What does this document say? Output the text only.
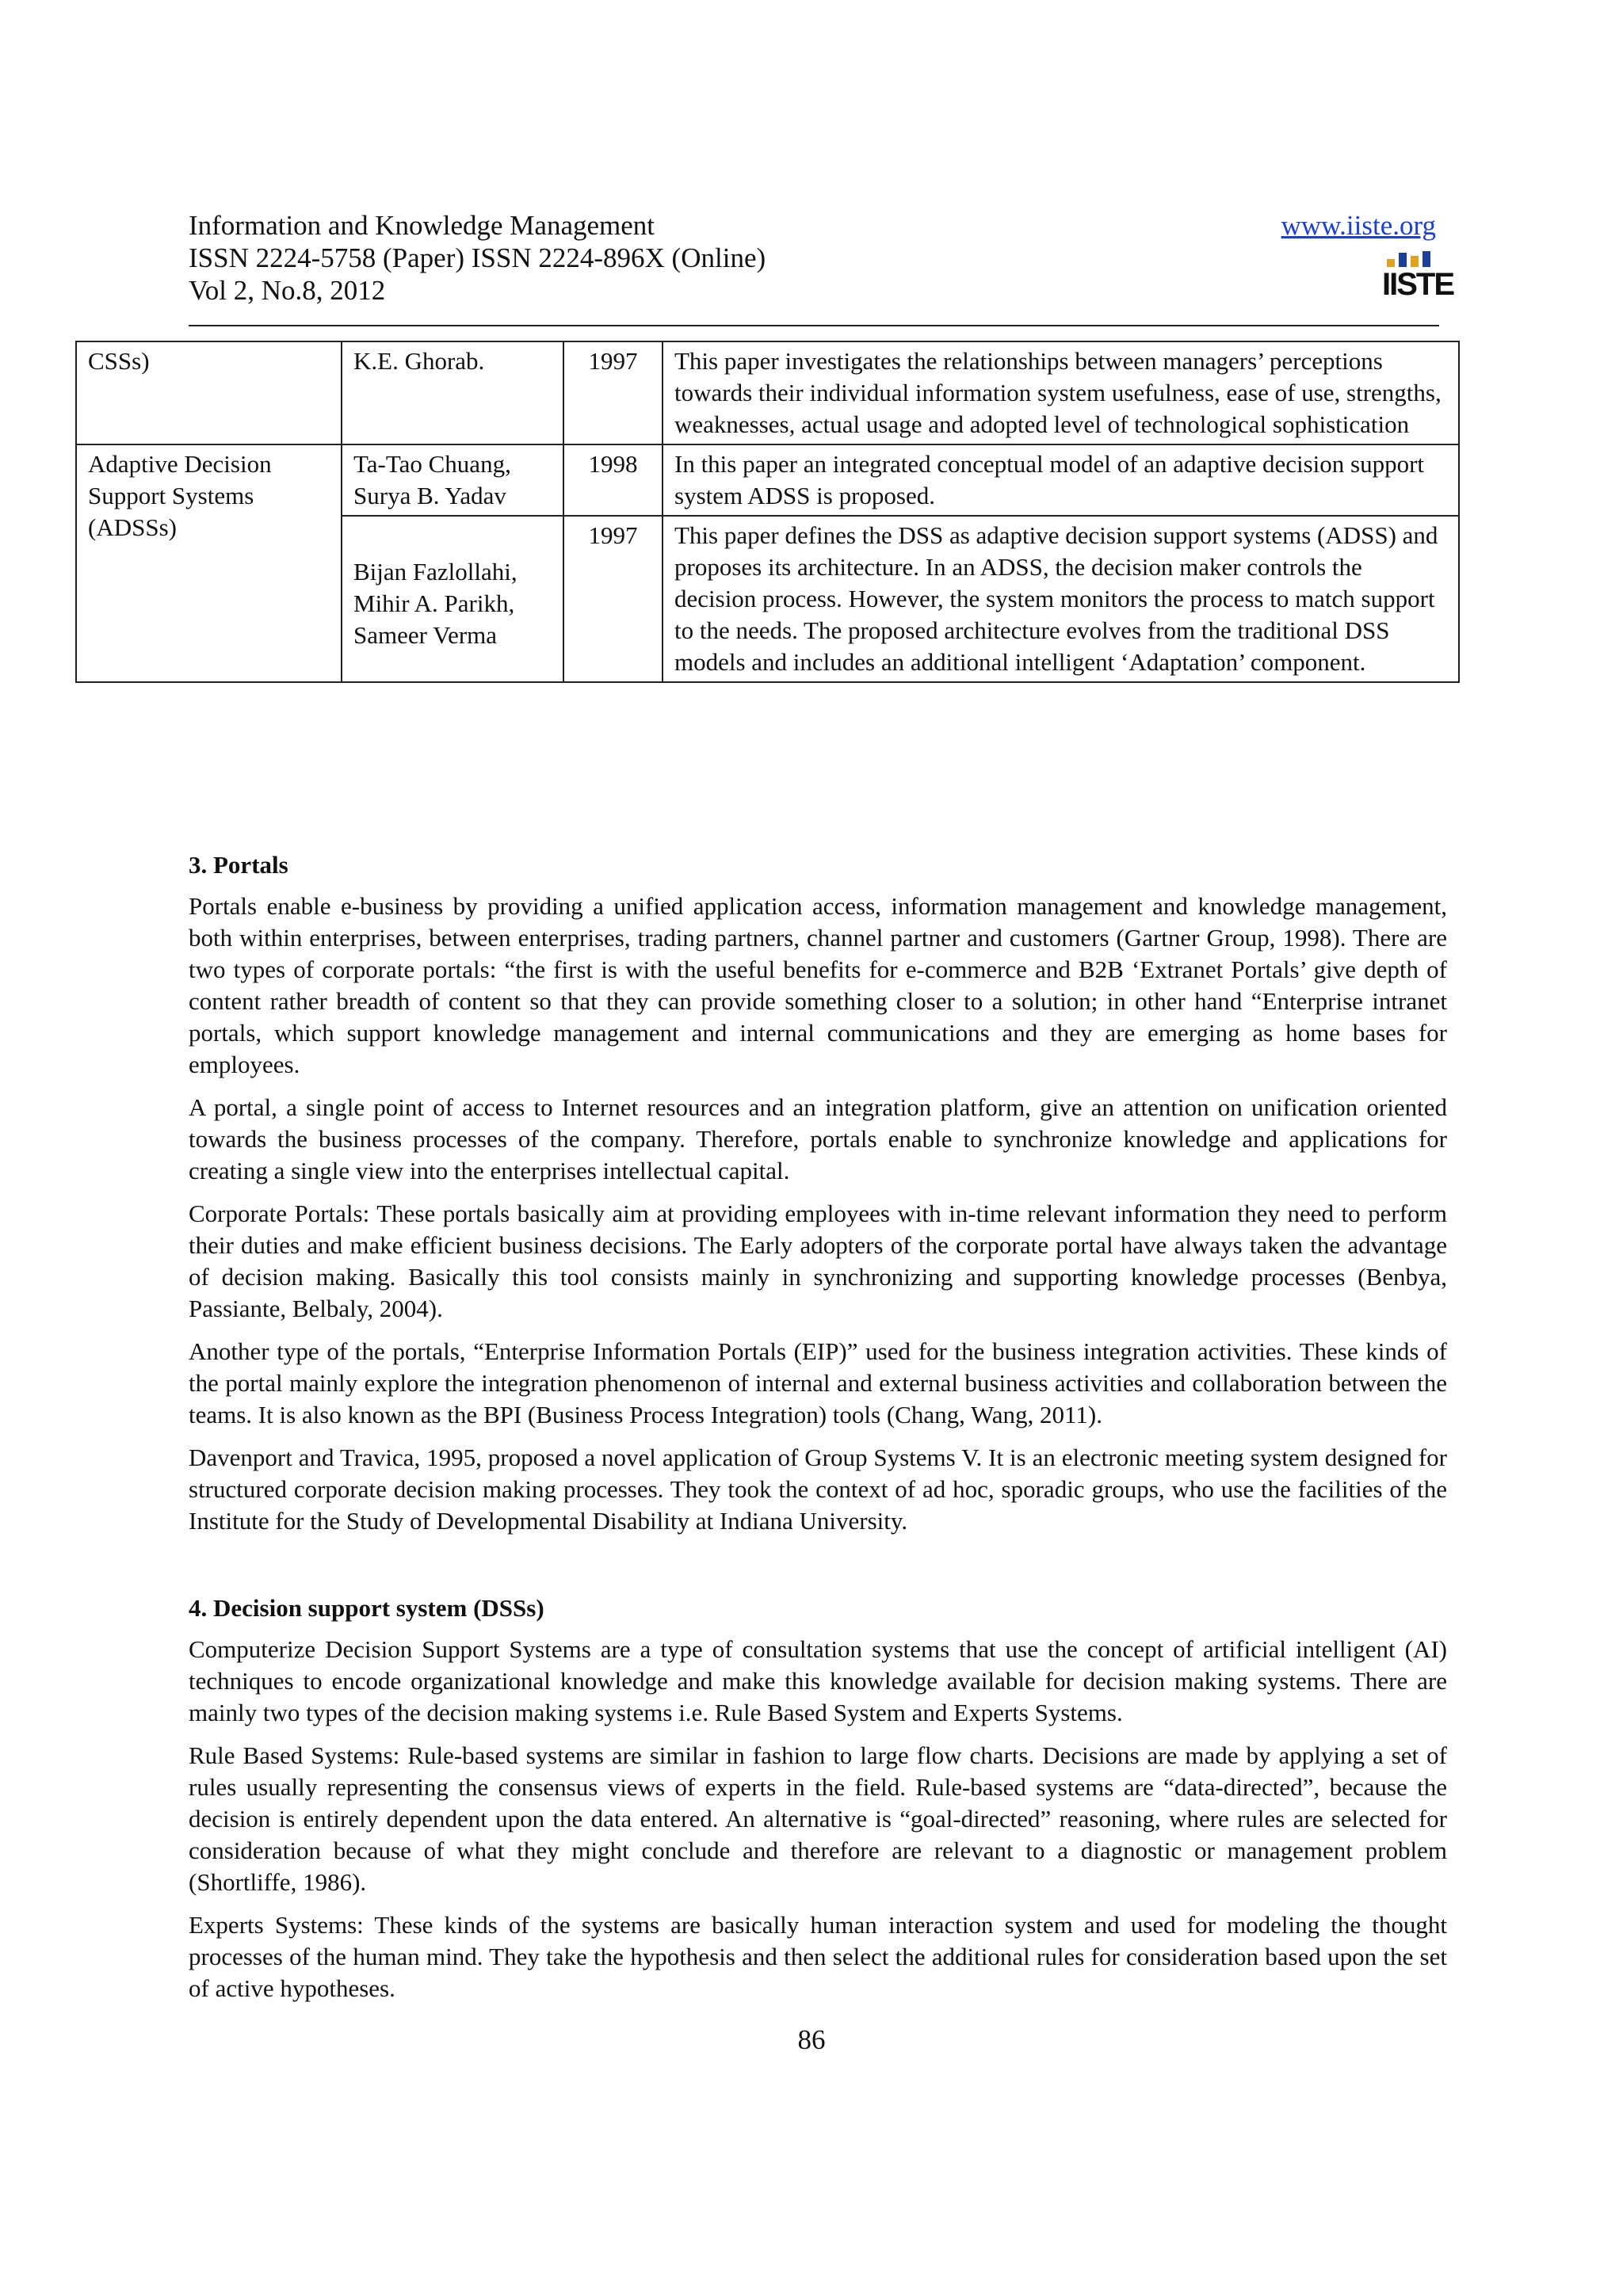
Information and Knowledge Management

ISSN 2224-5758 (Paper) ISSN 2224-896X (Online)

Vol 2, No.8, 2012

www.iiste.org
IISTE
CSSs)	K.E. Ghorab.	1997	This paper investigates the relationships between managers’ perceptions towards their individual information system usefulness, ease of use, strengths, weaknesses, actual usage and adopted level of technological sophistication
Adaptive Decision Support Systems (ADSSs)	Ta-Tao Chuang, Surya B. Yadav	1998	In this paper an integrated conceptual model of an adaptive decision support system ADSS is proposed.
	Bijan Fazlollahi, Mihir A. Parikh, Sameer Verma	1997	This paper defines the DSS as adaptive decision support systems (ADSS) and proposes its architecture. In an ADSS, the decision maker controls the decision process. However, the system monitors the process to match support to the needs. The proposed architecture evolves from the traditional DSS models and includes an additional intelligent ‘Adaptation’ component.
3. Portals

Portals enable e-business by providing a unified application access, information management and knowledge management, both within enterprises, between enterprises, trading partners, channel partner and customers (Gartner Group, 1998). There are two types of corporate portals: “the first is with the useful benefits for e-commerce and B2B ‘Extranet Portals’ give depth of content rather breadth of content so that they can provide something closer to a solution; in other hand “Enterprise intranet portals, which support knowledge management and internal communications and they are emerging as home bases for employees.

A portal, a single point of access to Internet resources and an integration platform, give an attention on unification oriented towards the business processes of the company. Therefore, portals enable to synchronize knowledge and applications for creating a single view into the enterprises intellectual capital.

Corporate Portals: These portals basically aim at providing employees with in-time relevant information they need to perform their duties and make efficient business decisions. The Early adopters of the corporate portal have always taken the advantage of decision making. Basically this tool consists mainly in synchronizing and supporting knowledge processes (Benbya, Passiante, Belbaly, 2004).

Another type of the portals, “Enterprise Information Portals (EIP)” used for the business integration activities. These kinds of the portal mainly explore the integration phenomenon of internal and external business activities and collaboration between the teams. It is also known as the BPI (Business Process Integration) tools (Chang, Wang, 2011).

Davenport and Travica, 1995, proposed a novel application of Group Systems V. It is an electronic meeting system designed for structured corporate decision making processes. They took the context of ad hoc, sporadic groups, who use the facilities of the Institute for the Study of Developmental Disability at Indiana University.

4. Decision support system (DSSs)

Computerize Decision Support Systems are a type of consultation systems that use the concept of artificial intelligent (AI) techniques to encode organizational knowledge and make this knowledge available for decision making systems. There are mainly two types of the decision making systems i.e. Rule Based System and Experts Systems.

Rule Based Systems: Rule-based systems are similar in fashion to large flow charts. Decisions are made by applying a set of rules usually representing the consensus views of experts in the field. Rule-based systems are “data-directed”, because the decision is entirely dependent upon the data entered. An alternative is “goal-directed” reasoning, where rules are selected for consideration because of what they might conclude and therefore are relevant to a diagnostic or management problem (Shortliffe, 1986).

Experts Systems: These kinds of the systems are basically human interaction system and used for modeling the thought processes of the human mind. They take the hypothesis and then select the additional rules for consideration based upon the set of active hypotheses.

86
